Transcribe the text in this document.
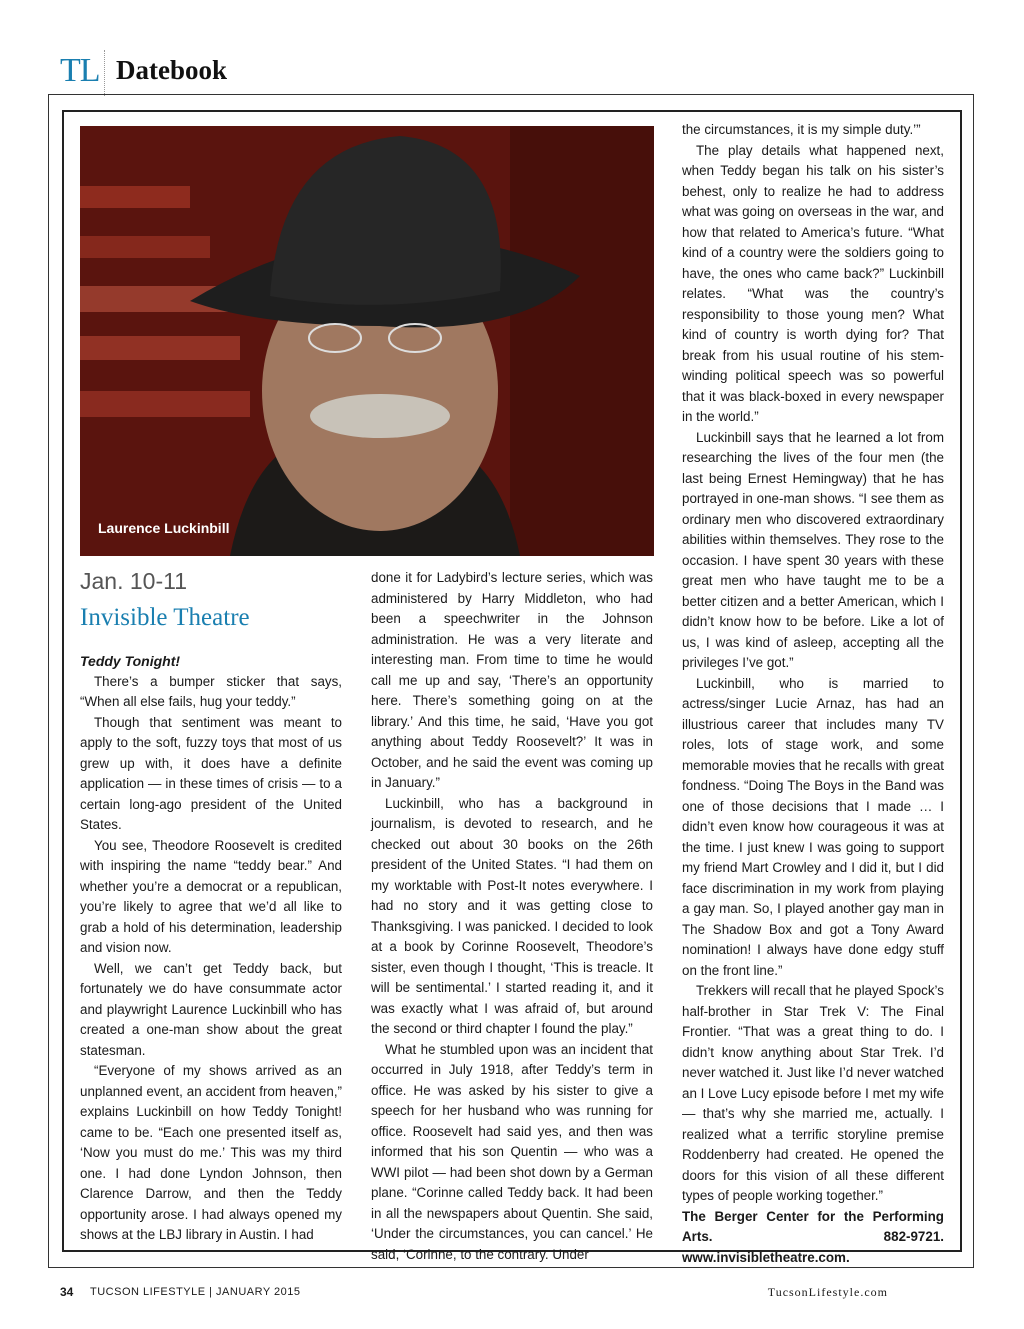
TL Datebook
Laurence Luckinbill
Jan. 10-11
Invisible Theatre

Teddy Tonight!

There’s a bumper sticker that says, “When all else fails, hug your teddy.”

Though that sentiment was meant to apply to the soft, fuzzy toys that most of us grew up with, it does have a definite application — in these times of crisis — to a certain long-ago president of the United States.

You see, Theodore Roosevelt is credited with inspiring the name “teddy bear.” And whether you’re a democrat or a republican, you’re likely to agree that we’d all like to grab a hold of his determination, leadership and vision now.

Well, we can’t get Teddy back, but fortunately we do have consummate actor and playwright Laurence Luckinbill who has created a one-man show about the great statesman.

“Everyone of my shows arrived as an unplanned event, an accident from heaven,” explains Luckinbill on how Teddy Tonight! came to be. “Each one presented itself as, ‘Now you must do me.’ This was my third one. I had done Lyndon Johnson, then Clarence Darrow, and then the Teddy opportunity arose. I had always opened my shows at the LBJ library in Austin. I had

done it for Ladybird’s lecture series, which was administered by Harry Middleton, who had been a speechwriter in the Johnson administration. He was a very literate and interesting man. From time to time he would call me up and say, ‘There’s an opportunity here. There’s something going on at the library.’ And this time, he said, ‘Have you got anything about Teddy Roosevelt?’ It was in October, and he said the event was coming up in January.”

Luckinbill, who has a background in journalism, is devoted to research, and he checked out about 30 books on the 26th president of the United States. “I had them on my worktable with Post-It notes everywhere. I had no story and it was getting close to Thanksgiving. I was panicked. I decided to look at a book by Corinne Roosevelt, Theodore’s sister, even though I thought, ‘This is treacle. It will be sentimental.’ I started reading it, and it was exactly what I was afraid of, but around the second or third chapter I found the play.”

What he stumbled upon was an incident that occurred in July 1918, after Teddy’s term in office. He was asked by his sister to give a speech for her husband who was running for office. Roosevelt had said yes, and then was informed that his son Quentin — who was a WWI pilot — had been shot down by a German plane. “Corinne called Teddy back. It had been in all the newspapers about Quentin. She said, ‘Under the circumstances, you can cancel.’ He said, ‘Corinne, to the contrary. Under

the circumstances, it is my simple duty.’”

The play details what happened next, when Teddy began his talk on his sister’s behest, only to realize he had to address what was going on overseas in the war, and how that related to America’s future. “What kind of a country were the soldiers going to have, the ones who came back?” Luckinbill relates. “What was the country’s responsibility to those young men? What kind of country is worth dying for? That break from his usual routine of his stem-winding political speech was so powerful that it was black-boxed in every newspaper in the world.”

Luckinbill says that he learned a lot from researching the lives of the four men (the last being Ernest Hemingway) that he has portrayed in one-man shows. “I see them as ordinary men who discovered extraordinary abilities within themselves. They rose to the occasion. I have spent 30 years with these great men who have taught me to be a better citizen and a better American, which I didn’t know how to be before. Like a lot of us, I was kind of asleep, accepting all the privileges I’ve got.”

Luckinbill, who is married to actress/singer Lucie Arnaz, has had an illustrious career that includes many TV roles, lots of stage work, and some memorable movies that he recalls with great fondness. “Doing The Boys in the Band was one of those decisions that I made … I didn’t even know how courageous it was at the time. I just knew I was going to support my friend Mart Crowley and I did it, but I did face discrimination in my work from playing a gay man. So, I played another gay man in The Shadow Box and got a Tony Award nomination! I always have done edgy stuff on the front line.”

Trekkers will recall that he played Spock’s half-brother in Star Trek V: The Final Frontier. “That was a great thing to do. I didn’t know anything about Star Trek. I’d never watched it. Just like I’d never watched an I Love Lucy episode before I met my wife — that’s why she married me, actually. I realized what a terrific storyline premise Roddenberry had created. He opened the doors for this vision of all these different types of people working together.”

The Berger Center for the Performing Arts. 882-9721. www.invisibletheatre.com.

34 TUCSON LIFESTYLE | JANUARY 2015	TucsonLifestyle.com
